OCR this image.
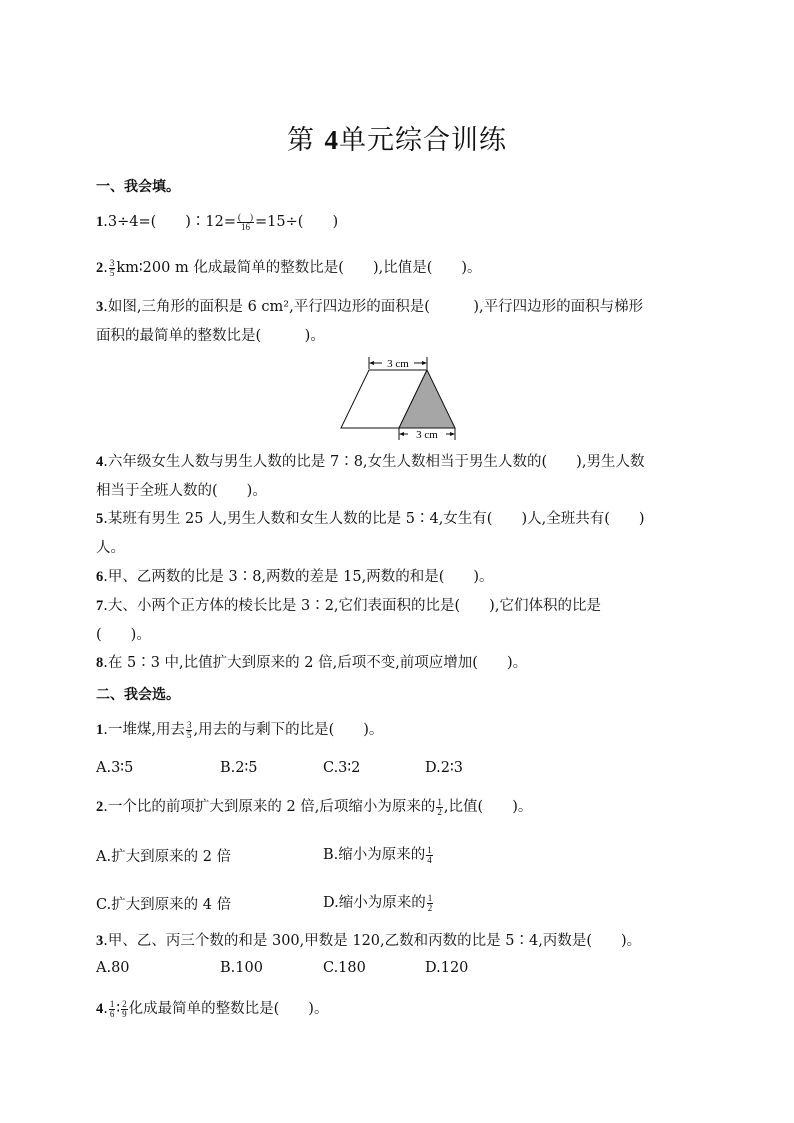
第 4单元综合训练
一、我会填。
1.3÷4=(　　)∶12= $\frac{( )}{16} =15\div$(　　)
2. $\frac{3}{5}$ km∶200 m 化成最简单的整数比是(　　),比值是(　　)。
3.如图,三角形的面积是 6 cm²,平行四边形的面积是(　　　),平行四边形的面积与梯形
面积的最简单的整数比是(　　　)。
3 cm
3 cm
4.六年级女生人数与男生人数的比是 7∶8,女生人数相当于男生人数的(　　),男生人数
相当于全班人数的(　　)。
5.某班有男生 25 人,男生人数和女生人数的比是 5∶4,女生有(　　)人,全班共有(　　)
人。
6.甲、乙两数的比是 3∶8,两数的差是 15,两数的和是(　　)。
7.大、小两个正方体的棱长比是 3∶2,它们表面积的比是(　　),它们体积的比是
(　　)。
8.在 5∶3 中,比值扩大到原来的 2 倍,后项不变,前项应增加(　　)。
二、我会选。
1.一堆煤,用去 $\frac{3}{5}$ ,用去的与剩下的比是(　　)。
A.3∶5	B.2∶5	C.3∶2	D.2∶3
2.一个比的前项扩大到原来的 2 倍,后项缩小为原来的 $\frac{1}{2}$ ,比值(　　)。
A.扩大到原来的 2 倍	B.缩小为原来的 $\frac{1}{4}$
C.扩大到原来的 4 倍	D.缩小为原来的 $\frac{1}{2}$
3.甲、乙、丙三个数的和是 300,甲数是 120,乙数和丙数的比是 5∶4,丙数是(　　)。
A.80	B.100	C.180	D.120
4. $\frac{1}{6}$ ∶ $\frac{2}{9}$ 化成最简单的整数比是(　　)。
